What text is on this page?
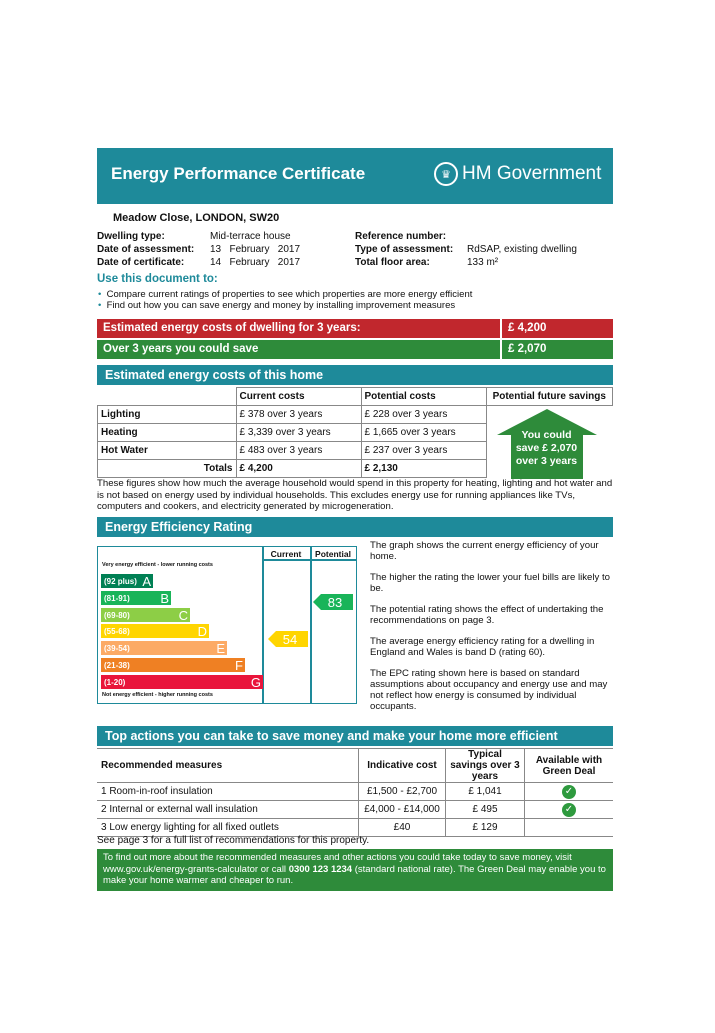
Energy Performance Certificate	♛ HM Government
Meadow Close, LONDON, SW20
Dwelling type:	Mid-terrace house
Date of assessment: 13   February   2017
Date of certificate:	14   February   2017
Reference number:
Type of assessment: RdSAP, existing dwelling
Total floor area:	133 m²
Use this document to:
• Compare current ratings of properties to see which properties are more energy efficient
• Find out how you can save energy and money by installing improvement measures
Estimated energy costs of dwelling for 3 years:	£ 4,200
Over 3 years you could save	£ 2,070
Estimated energy costs of this home
	Current costs	Potential costs	Potential future savings
Lighting	£ 378 over 3 years	£ 228 over 3 years	You could
save £ 2,070
over 3 years

Heating	£ 3,339 over 3 years	£ 1,665 over 3 years	
Hot Water	£ 483 over 3 years	£ 237 over 3 years	
Totals	£ 4,200	£ 2,130	
These figures show how much the average household would spend in this property for heating, lighting and hot water and is not based on energy used by individual households. This excludes energy use for running appliances like TVs, computers and cookers, and electricity generated by microgeneration.
Energy Efficiency Rating
Current	Potential
Very energy efficient - lower running costs
Not energy efficient - higher running costs
(92 plus) A
(81-91) B
(69-80)	C
(55-68)	D
(39-54)	E
(21-38)	F
(1-20)	G
54
83

The graph shows the current energy efficiency of your home.

The higher the rating the lower your fuel bills are likely to be.

The potential rating shows the effect of undertaking the recommendations on page 3.

The average energy efficiency rating for a dwelling in England and Wales is band D (rating 60).

The EPC rating shown here is based on standard assumptions about occupancy and energy use and may not reflect how energy is consumed by individual occupants.

Top actions you can take to save money and make your home more efficient
Recommended measures	Indicative cost	Typical savings over 3 years	Available with Green Deal
1 Room-in-roof insulation	£1,500 - £2,700	£ 1,041	✓
2 Internal or external wall insulation	£4,000 - £14,000	£ 495	✓
3 Low energy lighting for all fixed outlets	£40	£ 129	
See page 3 for a full list of recommendations for this property.
To find out more about the recommended measures and other actions you could take today to save money, visit www.gov.uk/energy-grants-calculator or call 0300 123 1234 (standard national rate). The Green Deal may enable you to make your home warmer and cheaper to run.
